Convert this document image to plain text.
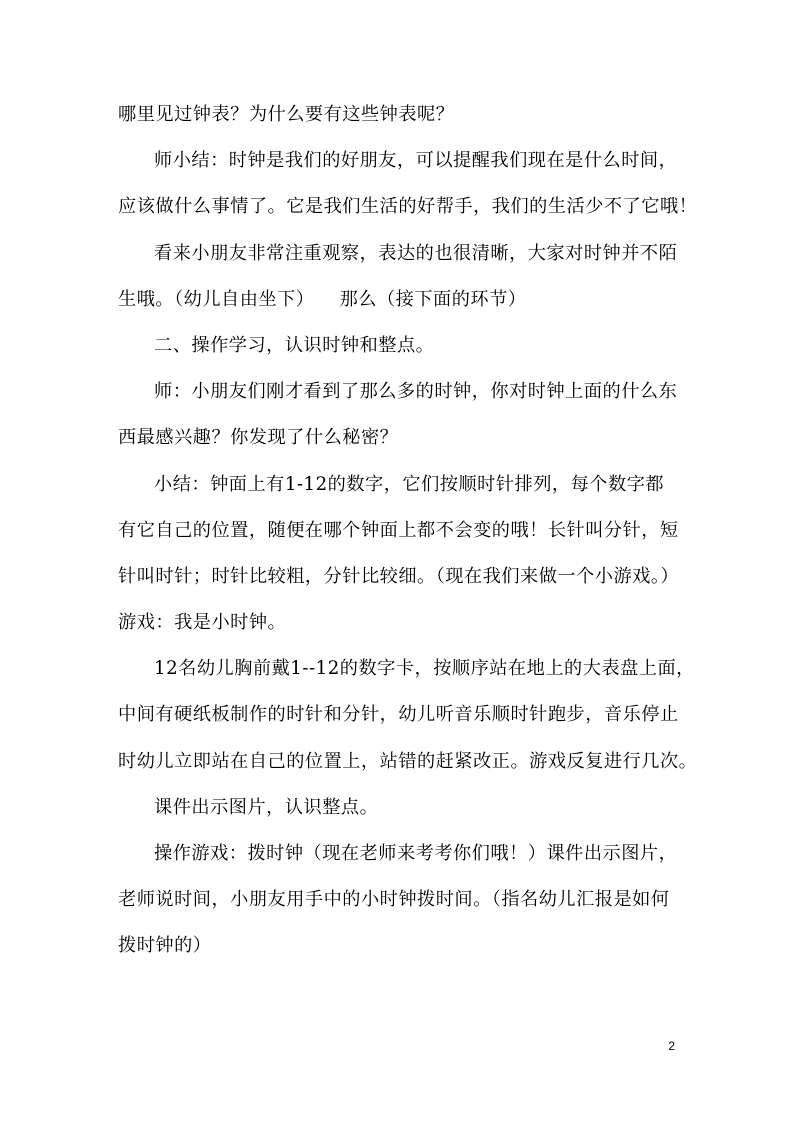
哪里见过钟表？为什么要有这些钟表呢？
师小结：时钟是我们的好朋友，可以提醒我们现在是什么时间，
应该做什么事情了。它是我们生活的好帮手，我们的生活少不了它哦！
看来小朋友非常注重观察，表达的也很清晰，大家对时钟并不陌
生哦。（幼儿自由坐下）    那么（接下面的环节）
二、操作学习，认识时钟和整点。
师：小朋友们刚才看到了那么多的时钟，你对时钟上面的什么东
西最感兴趣？你发现了什么秘密？
小结：钟面上有1-12的数字，它们按顺时针排列，每个数字都
有它自己的位置，随便在哪个钟面上都不会变的哦！长针叫分针，短
针叫时针；时针比较粗，分针比较细。（现在我们来做一个小游戏。）
游戏：我是小时钟。
12名幼儿胸前戴1--12的数字卡，按顺序站在地上的大表盘上面，
中间有硬纸板制作的时针和分针，幼儿听音乐顺时针跑步，音乐停止
时幼儿立即站在自己的位置上，站错的赶紧改正。游戏反复进行几次。
课件出示图片，认识整点。
操作游戏：拨时钟（现在老师来考考你们哦！）课件出示图片，
老师说时间，小朋友用手中的小时钟拨时间。（指名幼儿汇报是如何
拨时钟的）
2
